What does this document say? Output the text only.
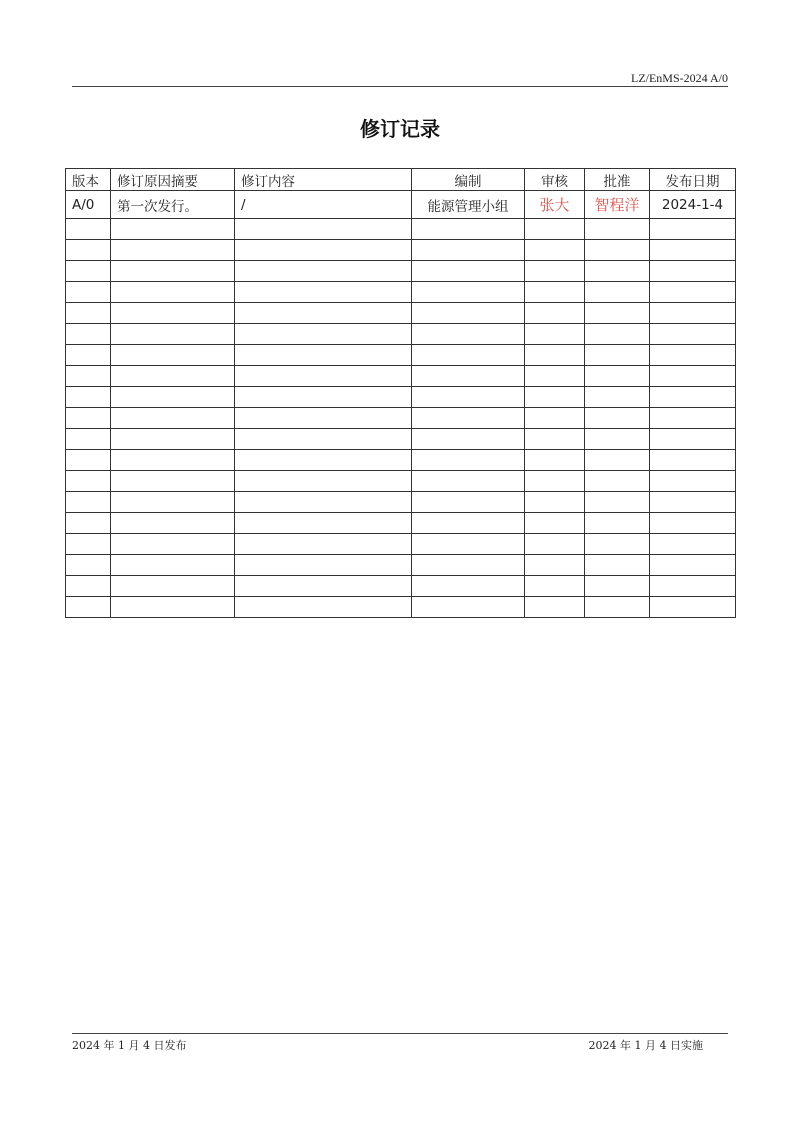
LZ/EnMS-2024 A/0
修订记录
版本	修订原因摘要	修订内容	编制	审核	批准	发布日期
A/0	第一次发行。	/	能源管理小组	张大	智程洋	2024-1-4

2024 年 1 月 4 日发布	2024 年 1 月 4 日实施
